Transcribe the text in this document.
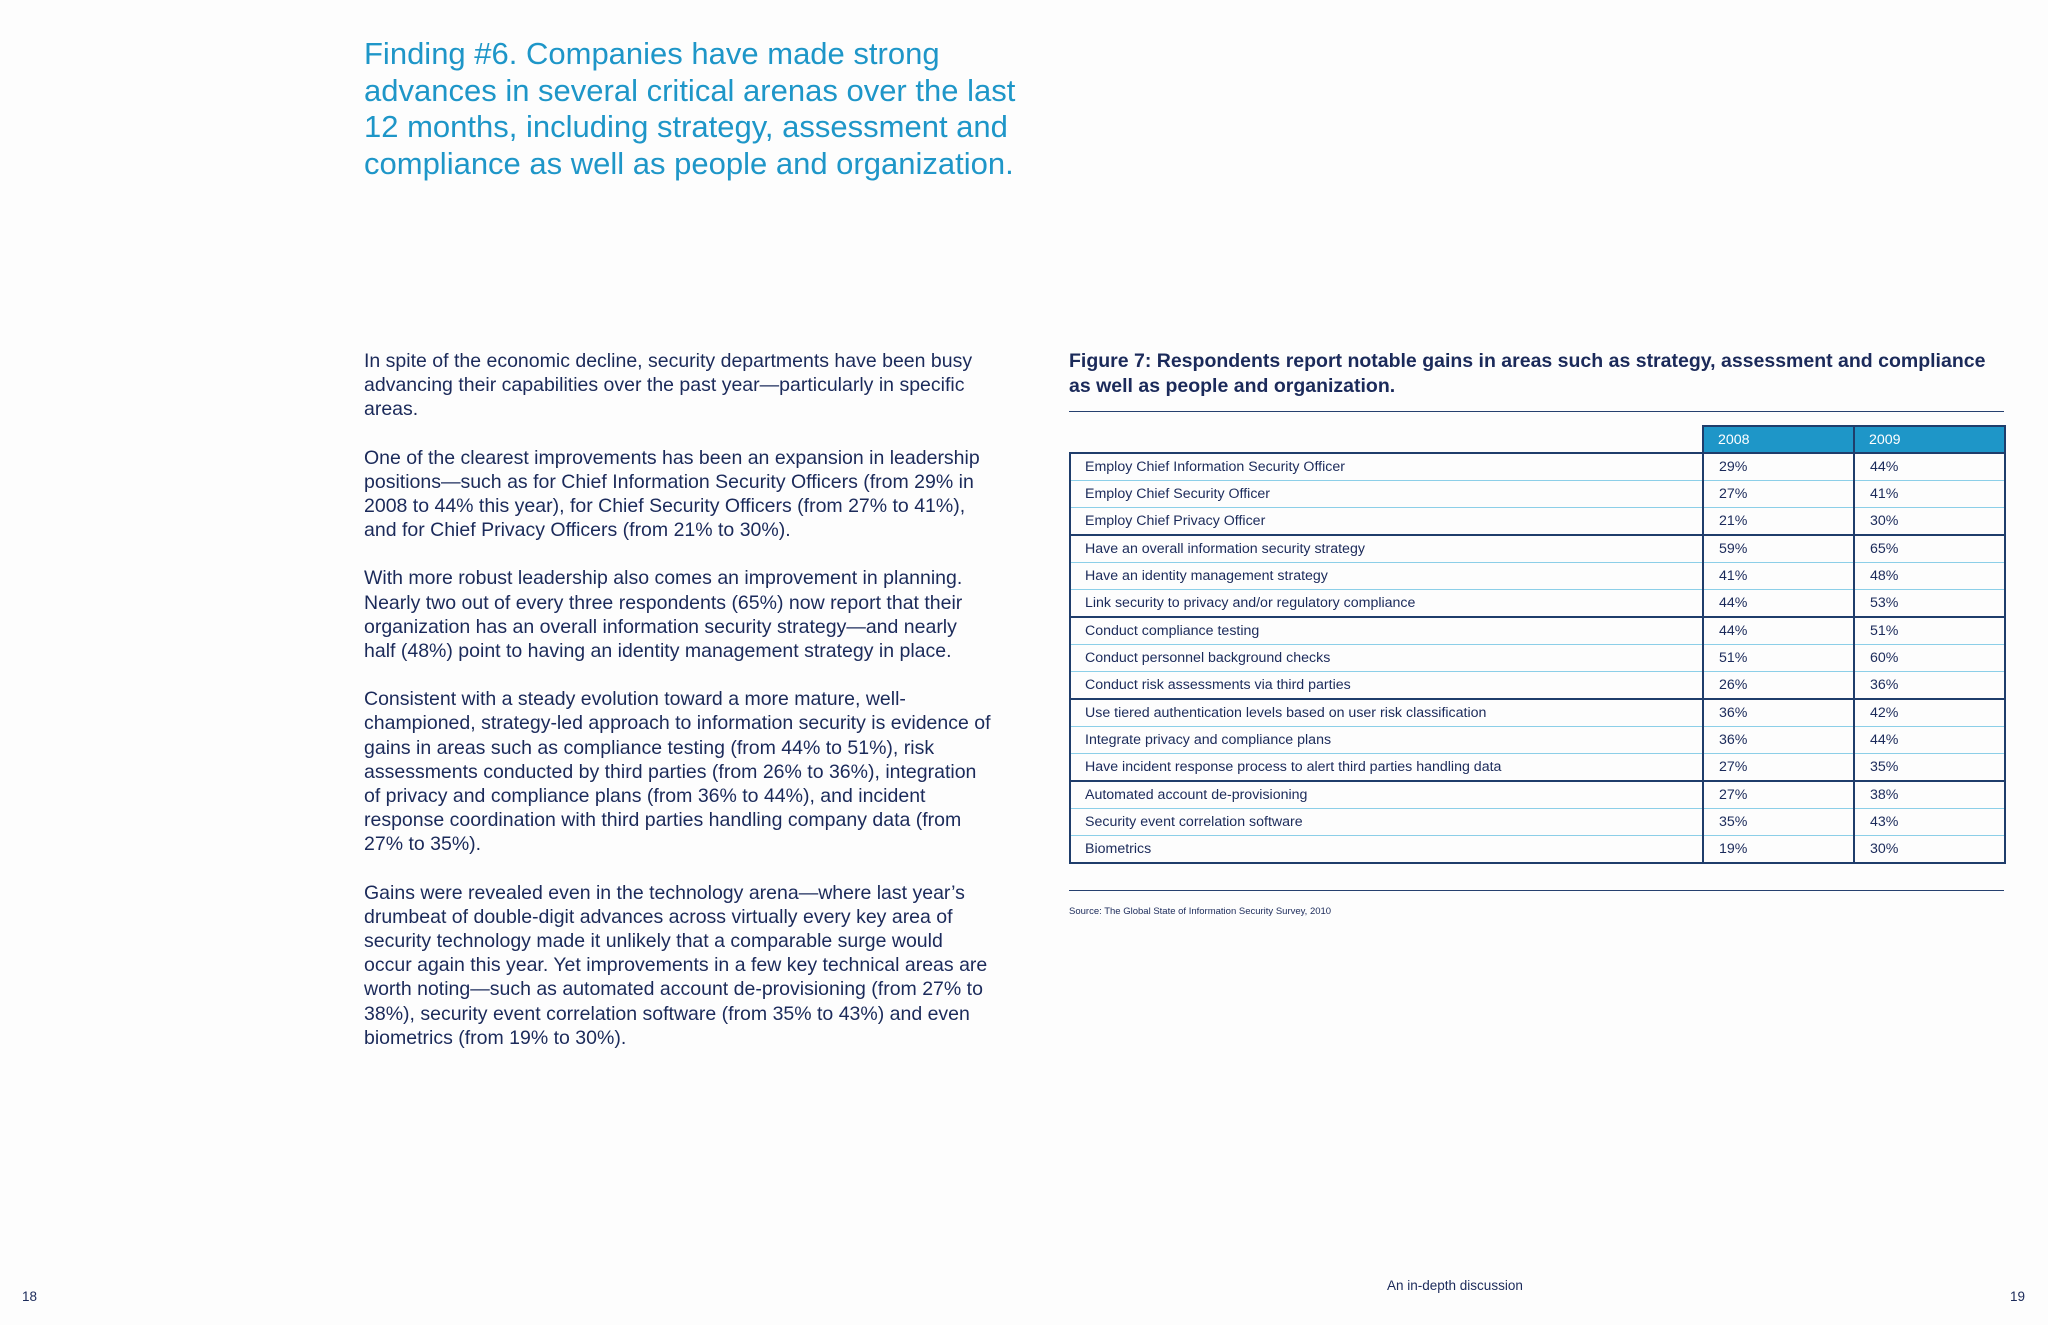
Finding #6. Companies have made strong advances in several critical arenas over the last 12 months, including strategy, assessment and compliance as well as people and organization.

In spite of the economic decline, security departments have been busy advancing their capabilities over the past year—particularly in specific areas.

One of the clearest improvements has been an expansion in leadership positions—such as for Chief Information Security Officers (from 29% in 2008 to 44% this year), for Chief Security Officers (from 27% to 41%), and for Chief Privacy Officers (from 21% to 30%).

With more robust leadership also comes an improvement in planning. Nearly two out of every three respondents (65%) now report that their organization has an overall information security strategy—and nearly half (48%) point to having an identity management strategy in place.

Consistent with a steady evolution toward a more mature, well-championed, strategy-led approach to information security is evidence of gains in areas such as compliance testing (from 44% to 51%), risk assessments conducted by third parties (from 26% to 36%), integration of privacy and compliance plans (from 36% to 44%), and incident response coordination with third parties handling company data (from 27% to 35%).

Gains were revealed even in the technology arena—where last year’s drumbeat of double-digit advances across virtually every key area of security technology made it unlikely that a comparable surge would occur again this year. Yet improvements in a few key technical areas are worth noting—such as automated account de-provisioning (from 27% to 38%), security event correlation software (from 35% to 43%) and even biometrics (from 19% to 30%).

Figure 7: Respondents report notable gains in areas such as strategy, assessment and compliance as well as people and organization.

	2008	2009
Employ Chief Information Security Officer	29%	44%
Employ Chief Security Officer	27%	41%
Employ Chief Privacy Officer	21%	30%
Have an overall information security strategy	59%	65%
Have an identity management strategy	41%	48%
Link security to privacy and/or regulatory compliance	44%	53%
Conduct compliance testing	44%	51%
Conduct personnel background checks	51%	60%
Conduct risk assessments via third parties	26%	36%
Use tiered authentication levels based on user risk classification	36%	42%
Integrate privacy and compliance plans	36%	44%
Have incident response process to alert third parties handling data	27%	35%
Automated account de-provisioning	27%	38%
Security event correlation software	35%	43%
Biometrics	19%	30%
Source: The Global State of Information Security Survey, 2010
18
An in-depth discussion
19
